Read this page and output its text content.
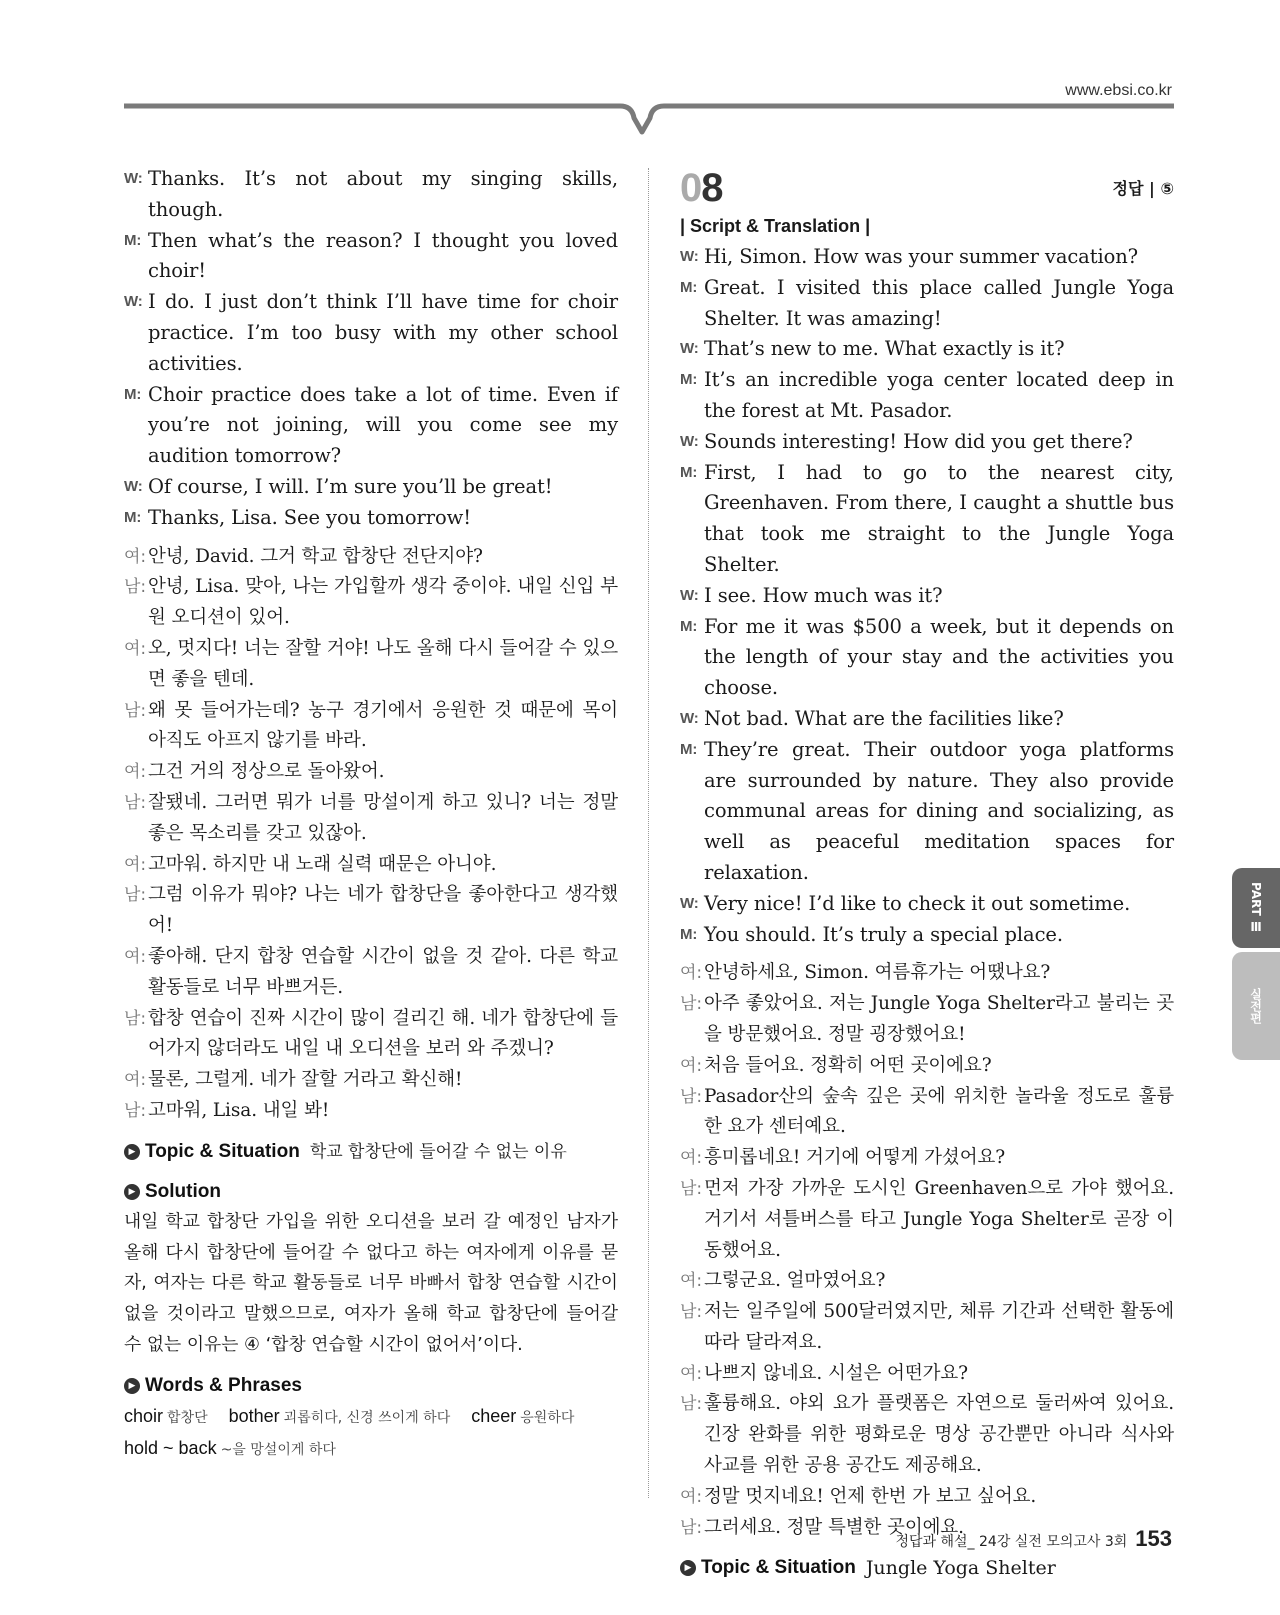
www.ebsi.co.kr
W: Thanks. It’s not about my singing skills, though.
M: Then what’s the reason? I thought you loved choir!
W: I do. I just don’t think I’ll have time for choir practice. I’m too busy with my other school activities.
M: Choir practice does take a lot of time. Even if you’re not joining, will you come see my audition tomorrow?
W: Of course, I will. I’m sure you’ll be great!
M: Thanks, Lisa. See you tomorrow!
여: 안녕, David. 그거 학교 합창단 전단지야?
남: 안녕, Lisa. 맞아, 나는 가입할까 생각 중이야. 내일 신입 부원 오디션이 있어.
여: 오, 멋지다! 너는 잘할 거야! 나도 올해 다시 들어갈 수 있으면 좋을 텐데.
남: 왜 못 들어가는데? 농구 경기에서 응원한 것 때문에 목이 아직도 아프지 않기를 바라.
여: 그건 거의 정상으로 돌아왔어.
남: 잘됐네. 그러면 뭐가 너를 망설이게 하고 있니? 너는 정말 좋은 목소리를 갖고 있잖아.
여: 고마워. 하지만 내 노래 실력 때문은 아니야.
남: 그럼 이유가 뭐야? 나는 네가 합창단을 좋아한다고 생각했어!
여: 좋아해. 단지 합창 연습할 시간이 없을 것 같아. 다른 학교 활동들로 너무 바쁘거든.
남: 합창 연습이 진짜 시간이 많이 걸리긴 해. 네가 합창단에 들어가지 않더라도 내일 내 오디션을 보러 와 주겠니?
여: 물론, 그럴게. 네가 잘할 거라고 확신해!
남: 고마워, Lisa. 내일 봐!
▶ Topic & Situation 학교 합창단에 들어갈 수 없는 이유
▶ Solution
내일 학교 합창단 가입을 위한 오디션을 보러 갈 예정인 남자가 올해 다시 합창단에 들어갈 수 없다고 하는 여자에게 이유를 묻자, 여자는 다른 학교 활동들로 너무 바빠서 합창 연습할 시간이 없을 것이라고 말했으므로, 여자가 올해 학교 합창단에 들어갈 수 없는 이유는 ④ ‘합창 연습할 시간이 없어서’이다.
▶ Words & Phrases
choir 합창단 bother 괴롭히다, 신경 쓰이게 하다 cheer 응원하다
hold ~ back ~을 망설이게 하다
08	정답 | ⑤
| Script & Translation |
W: Hi, Simon. How was your summer vacation?
M: Great. I visited this place called Jungle Yoga Shelter. It was amazing!
W: That’s new to me. What exactly is it?
M: It’s an incredible yoga center located deep in the forest at Mt. Pasador.
W: Sounds interesting! How did you get there?
M: First, I had to go to the nearest city, Greenhaven. From there, I caught a shuttle bus that took me straight to the Jungle Yoga Shelter.
W: I see. How much was it?
M: For me it was $500 a week, but it depends on the length of your stay and the activities you choose.
W: Not bad. What are the facilities like?
M: They’re great. Their outdoor yoga platforms are surrounded by nature. They also provide communal areas for dining and socializing, as well as peaceful meditation spaces for relaxation.
W: Very nice! I’d like to check it out sometime.
M: You should. It’s truly a special place.
여: 안녕하세요, Simon. 여름휴가는 어땠나요?
남: 아주 좋았어요. 저는 Jungle Yoga Shelter라고 불리는 곳을 방문했어요. 정말 굉장했어요!
여: 처음 들어요. 정확히 어떤 곳이에요?
남: Pasador산의 숲속 깊은 곳에 위치한 놀라울 정도로 훌륭한 요가 센터예요.
여: 흥미롭네요! 거기에 어떻게 가셨어요?
남: 먼저 가장 가까운 도시인 Greenhaven으로 가야 했어요. 거기서 셔틀버스를 타고 Jungle Yoga Shelter로 곧장 이동했어요.
여: 그렇군요. 얼마였어요?
남: 저는 일주일에 500달러였지만, 체류 기간과 선택한 활동에 따라 달라져요.
여: 나쁘지 않네요. 시설은 어떤가요?
남: 훌륭해요. 야외 요가 플랫폼은 자연으로 둘러싸여 있어요. 긴장 완화를 위한 평화로운 명상 공간뿐만 아니라 식사와 사교를 위한 공용 공간도 제공해요.
여: 정말 멋지네요! 언제 한번 가 보고 싶어요.
남: 그러세요. 정말 특별한 곳이에요.
▶ Topic & Situation Jungle Yoga Shelter
PART Ⅲ
실전편
정답과 해설_ 24강 실전 모의고사 3회 153
